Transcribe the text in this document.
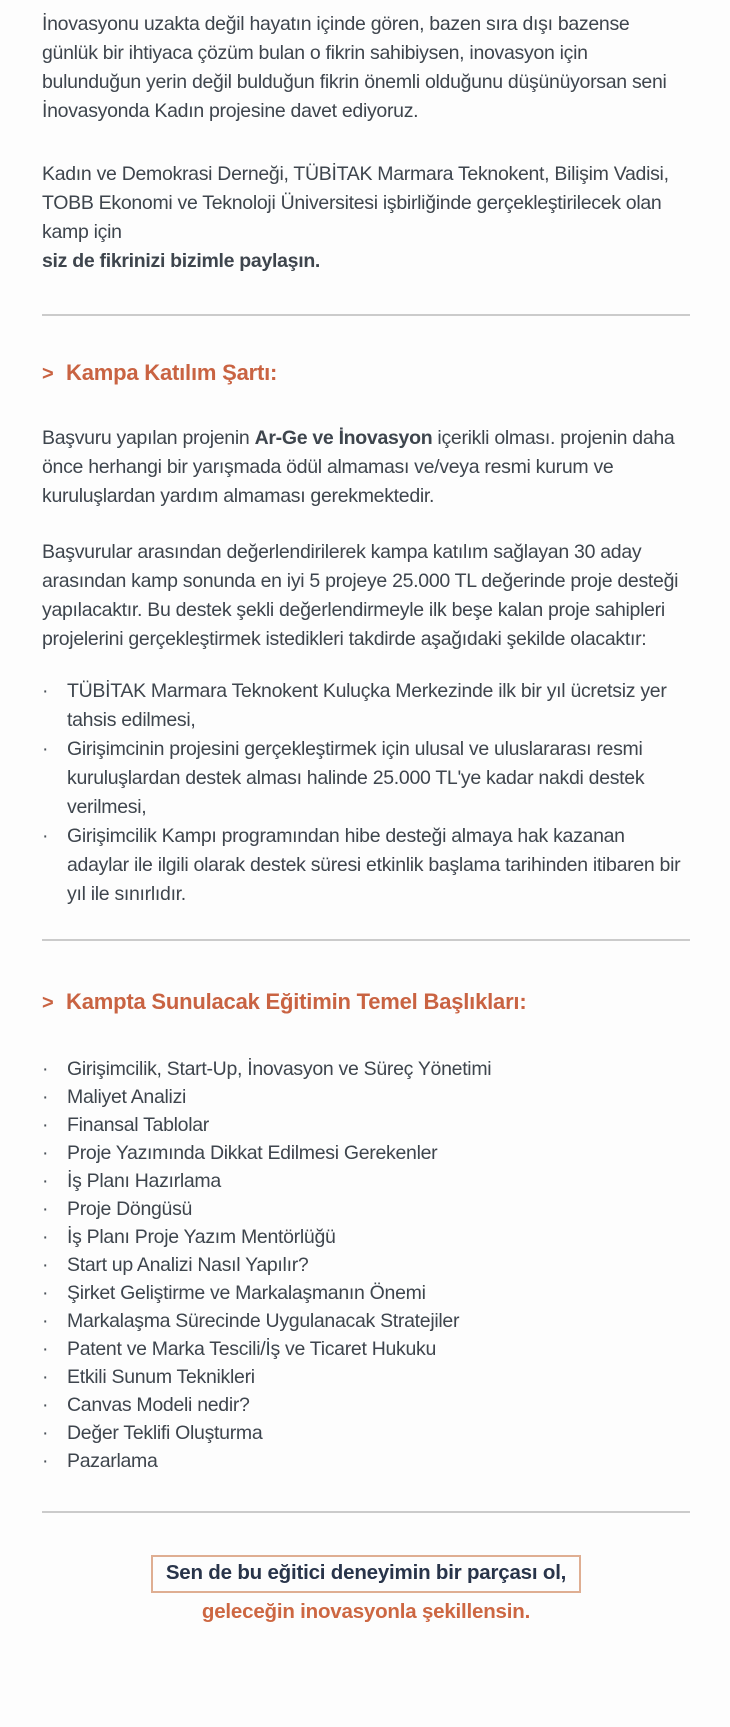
İnovasyonu uzakta değil hayatın içinde gören, bazen sıra dışı bazense günlük bir ihtiyaca çözüm bulan o fikrin sahibiysen, inovasyon için bulunduğun yerin değil bulduğun fikrin önemli olduğunu düşünüyorsan seni İnovasyonda Kadın projesine davet ediyoruz.

Kadın ve Demokrasi Derneği, TÜBİTAK Marmara Teknokent, Bilişim Vadisi, TOBB Ekonomi ve Teknoloji Üniversitesi işbirliğinde gerçekleştirilecek olan kamp için
siz de fikrinizi bizimle paylaşın.

> Kampa Katılım Şartı:

Başvuru yapılan projenin Ar-Ge ve İnovasyon içerikli olması. projenin daha önce herhangi bir yarışmada ödül almaması ve/veya resmi kurum ve kuruluşlardan yardım almaması gerekmektedir.

Başvurular arasından değerlendirilerek kampa katılım sağlayan 30 aday arasından kamp sonunda en iyi 5 projeye 25.000 TL değerinde proje desteği yapılacaktır. Bu destek şekli değerlendirmeyle ilk beşe kalan proje sahipleri projelerini gerçekleştirmek istedikleri takdirde aşağıdaki şekilde olacaktır:

· TÜBİTAK Marmara Teknokent Kuluçka Merkezinde ilk bir yıl ücretsiz yer tahsis edilmesi,
· Girişimcinin projesini gerçekleştirmek için ulusal ve uluslararası resmi kuruluşlardan destek alması halinde 25.000 TL'ye kadar nakdi destek verilmesi,
· Girişimcilik Kampı programından hibe desteği almaya hak kazanan adaylar ile ilgili olarak destek süresi etkinlik başlama tarihinden itibaren bir yıl ile sınırlıdır.
> Kampta Sunulacak Eğitimin Temel Başlıkları:
· Girişimcilik, Start-Up, İnovasyon ve Süreç Yönetimi
· Maliyet Analizi
· Finansal Tablolar
· Proje Yazımında Dikkat Edilmesi Gerekenler
· İş Planı Hazırlama
· Proje Döngüsü
· İş Planı Proje Yazım Mentörlüğü
· Start up Analizi Nasıl Yapılır?
· Şirket Geliştirme ve Markalaşmanın Önemi
· Markalaşma Sürecinde Uygulanacak Stratejiler
· Patent ve Marka Tescili/İş ve Ticaret Hukuku
· Etkili Sunum Teknikleri
· Canvas Modeli nedir?
· Değer Teklifi Oluşturma
· Pazarlama
Sen de bu eğitici deneyimin bir parçası ol,
geleceğin inovasyonla şekillensin.
